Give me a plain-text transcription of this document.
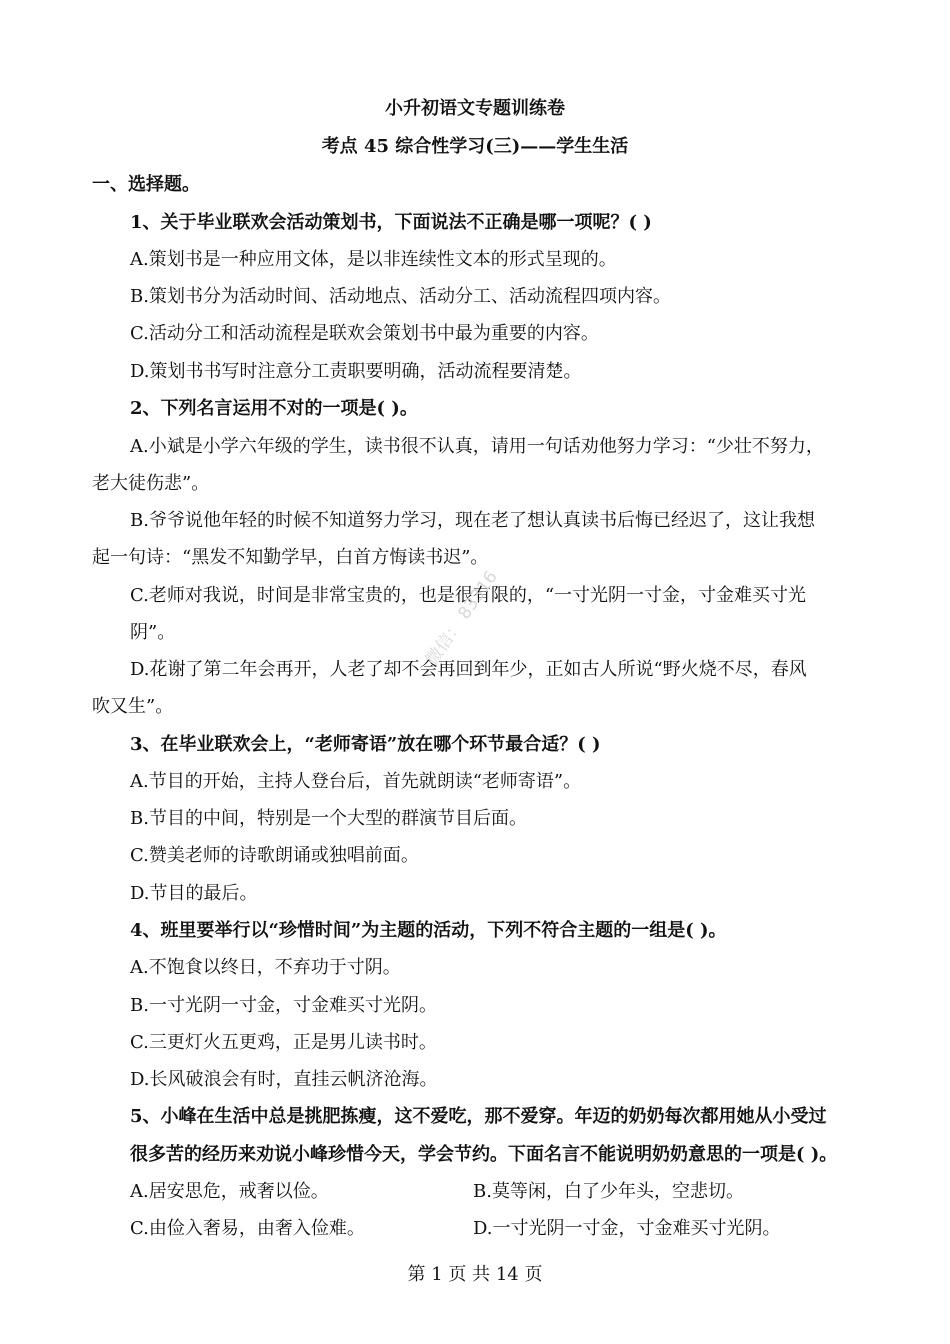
小升初语文专题训练卷
考点 45 综合性学习(三)——学生生活
一、选择题。
1、关于毕业联欢会活动策划书，下面说法不正确是哪一项呢？( )
A.策划书是一种应用文体，是以非连续性文本的形式呈现的。
B.策划书分为活动时间、活动地点、活动分工、活动流程四项内容。
C.活动分工和活动流程是联欢会策划书中最为重要的内容。
D.策划书书写时注意分工责职要明确，活动流程要清楚。
2、下列名言运用不对的一项是( )。
A.小斌是小学六年级的学生，读书很不认真，请用一句话劝他努力学习：“少壮不努力，
老大徒伤悲”。
B.爷爷说他年轻的时候不知道努力学习，现在老了想认真读书后悔已经迟了，这让我想
起一句诗：“黑发不知勤学早，白首方悔读书迟”。
C.老师对我说，时间是非常宝贵的，也是很有限的，“一寸光阴一寸金，寸金难买寸光
阴”。
D.花谢了第二年会再开，人老了却不会再回到年少，正如古人所说“野火烧不尽，春风
吹又生”。
3、在毕业联欢会上，“老师寄语”放在哪个环节最合适？( )
A.节目的开始，主持人登台后，首先就朗读“老师寄语”。
B.节目的中间，特别是一个大型的群演节目后面。
C.赞美老师的诗歌朗诵或独唱前面。
D.节目的最后。
4、班里要举行以“珍惜时间”为主题的活动，下列不符合主题的一组是( )。
A.不饱食以终日，不弃功于寸阴。
B.一寸光阴一寸金，寸金难买寸光阴。
C.三更灯火五更鸡，正是男儿读书时。
D.长风破浪会有时，直挂云帆济沧海。
5、小峰在生活中总是挑肥拣瘦，这不爱吃，那不爱穿。年迈的奶奶每次都用她从小受过
很多苦的经历来劝说小峰珍惜今天，学会节约。下面名言不能说明奶奶意思的一项是( )。
A.居安思危，戒奢以俭。	B.莫等闲，白了少年头，空悲切。
C.由俭入奢易，由奢入俭难。	D.一寸光阴一寸金，寸金难买寸光阴。
第 1 页 共 14 页
微信： 83316
